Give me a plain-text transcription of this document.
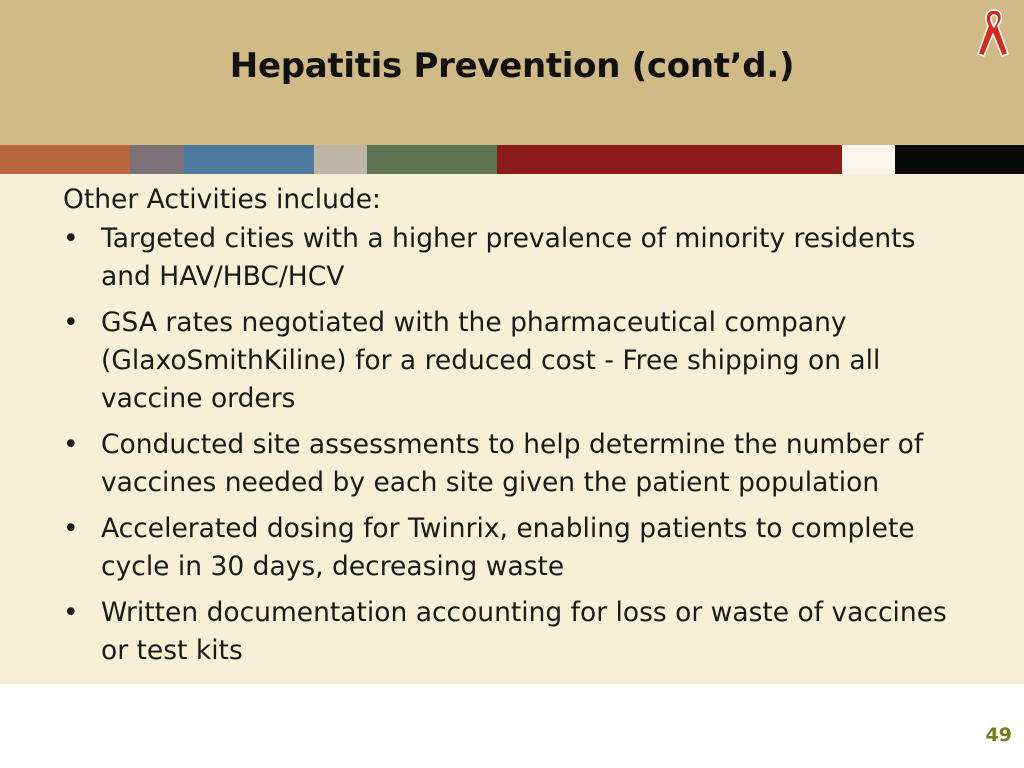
Hepatitis Prevention (cont’d.)
Other Activities include:
• Targeted cities with a higher prevalence of minority residents and HAV/HBC/HCV
• GSA rates negotiated with the pharmaceutical company (GlaxoSmithKiline) for a reduced cost - Free shipping on all vaccine orders
• Conducted site assessments to help determine the number of vaccines needed by each site given the patient population
• Accelerated dosing for Twinrix, enabling patients to complete cycle in 30 days, decreasing waste
• Written documentation accounting for loss or waste of vaccines or test kits
49
